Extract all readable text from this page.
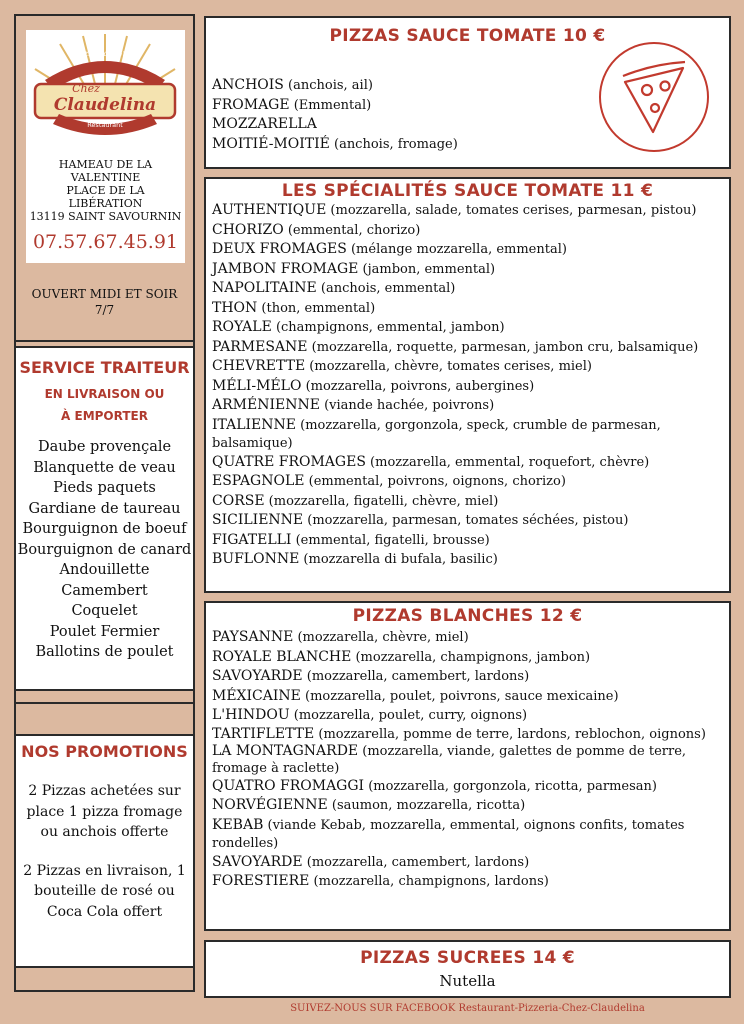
Pizzeria - Grill
Chez
Claudelina
Restaurant
HAMEAU DE LA
VALENTINE
PLACE DE LA
LIBÉRATION
13119 SAINT SAVOURNIN
07.57.67.45.91
OUVERT MIDI ET SOIR 7/7
SERVICE TRAITEUR
EN LIVRAISON OU
À EMPORTER
Daube provençale
Blanquette de veau
Pieds paquets
Gardiane de taureau
Bourguignon de boeuf
Bourguignon de canard
Andouillette
Camembert
Coquelet
Poulet Fermier
Ballotins de poulet
NOS PROMOTIONS
2 Pizzas achetées sur place 1 pizza fromage ou anchois offerte
2 Pizzas en livraison, 1 bouteille de rosé ou Coca Cola offert
PIZZAS SAUCE TOMATE 10 €
ANCHOIS (anchois, ail)
FROMAGE (Emmental)
MOZZARELLA
MOITIÉ-MOITIÉ (anchois, fromage)
LES SPÉCIALITÉS SAUCE TOMATE 11 €
AUTHENTIQUE (mozzarella, salade, tomates cerises, parmesan, pistou)
CHORIZO (emmental, chorizo)
DEUX FROMAGES (mélange mozzarella, emmental)
JAMBON FROMAGE (jambon, emmental)
NAPOLITAINE (anchois, emmental)
THON (thon, emmental)
ROYALE (champignons, emmental, jambon)
PARMESANE (mozzarella, roquette, parmesan, jambon cru, balsamique)
CHEVRETTE (mozzarella, chèvre, tomates cerises, miel)
MÉLI-MÉLO (mozzarella, poivrons, aubergines)
ARMÉNIENNE (viande hachée, poivrons)
ITALIENNE (mozzarella, gorgonzola, speck, crumble de parmesan, balsamique)
QUATRE FROMAGES (mozzarella, emmental, roquefort, chèvre)
ESPAGNOLE (emmental, poivrons, oignons, chorizo)
CORSE (mozzarella, figatelli, chèvre, miel)
SICILIENNE (mozzarella, parmesan, tomates séchées, pistou)
FIGATELLI (emmental, figatelli, brousse)
BUFLONNE (mozzarella di bufala, basilic)
PIZZAS BLANCHES 12 €
PAYSANNE (mozzarella, chèvre, miel)
ROYALE BLANCHE (mozzarella, champignons, jambon)
SAVOYARDE (mozzarella, camembert, lardons)
MÉXICAINE (mozzarella, poulet, poivrons, sauce mexicaine)
L'HINDOU (mozzarella, poulet, curry, oignons)
TARTIFLETTE (mozzarella, pomme de terre, lardons, reblochon, oignons)
LA MONTAGNARDE (mozzarella, viande, galettes de pomme de terre, fromage à raclette)
QUATRO FROMAGGI (mozzarella, gorgonzola, ricotta, parmesan)
NORVÉGIENNE (saumon, mozzarella, ricotta)
KEBAB (viande Kebab, mozzarella, emmental, oignons confits, tomates rondelles)
SAVOYARDE (mozzarella, camembert, lardons)
FORESTIERE (mozzarella, champignons, lardons)
PIZZAS SUCREES 14 €
Nutella
SUIVEZ-NOUS SUR FACEBOOK Restaurant-Pizzeria-Chez-Claudelina
